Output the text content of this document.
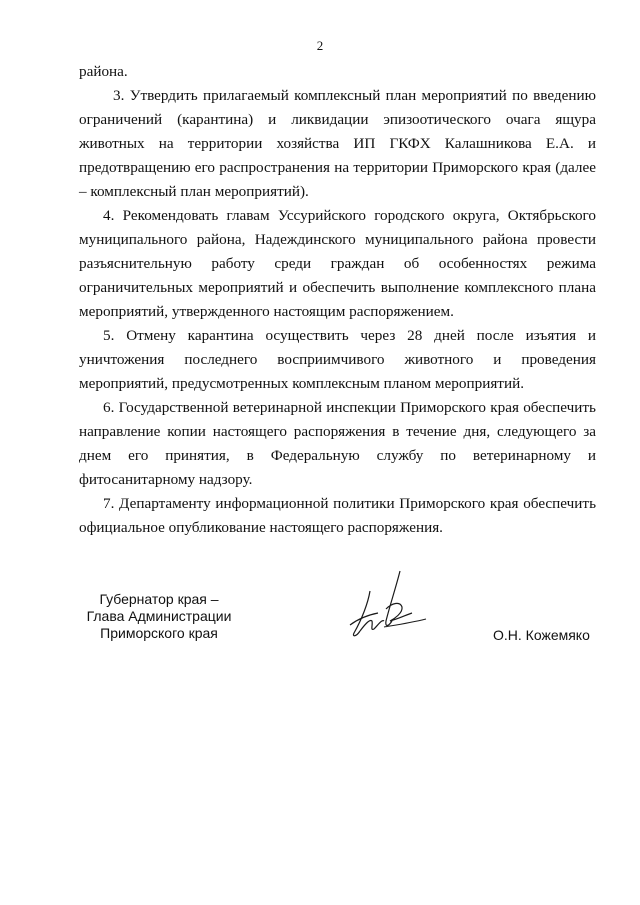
2

района.

3. Утвердить прилагаемый комплексный план мероприятий по введению ограничений (карантина) и ликвидации эпизоотического очага ящура животных на территории хозяйства ИП ГКФХ Калашникова Е.А. и предотвращению его распространения на территории Приморского края (далее – комплексный план мероприятий).

4. Рекомендовать главам Уссурийского городского округа, Октябрьского муниципального района, Надеждинского муниципального района провести разъяснительную работу среди граждан об особенностях режима ограничительных мероприятий и обеспечить выполнение комплексного плана мероприятий, утвержденного настоящим распоряжением.

5. Отмену карантина осуществить через 28 дней после изъятия и уничтожения последнего восприимчивого животного и проведения мероприятий, предусмотренных комплексным планом мероприятий.

6. Государственной ветеринарной инспекции Приморского края обеспечить направление копии настоящего распоряжения в течение дня, следующего за днем его принятия, в Федеральную службу по ветеринарному и фитосанитарному надзору.

7. Департаменту информационной политики Приморского края обеспечить официальное опубликование настоящего распоряжения.

Губернатор края –
Глава Администрации
Приморского края	О.Н. Кожемяко
